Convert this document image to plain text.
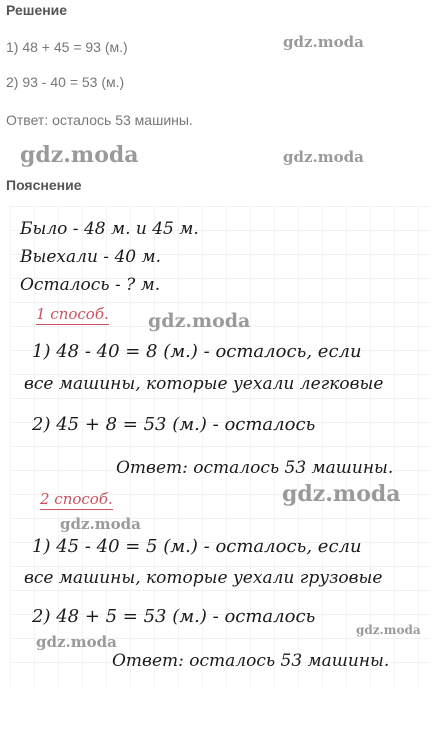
Решение
1) 48 + 45 = 93 (м.)
2) 93 - 40 = 53 (м.)
Ответ: осталось 53 машины.
gdz.moda
gdz.moda	gdz.moda
Пояснение
Было - 48 м. и 45 м.
Выехали - 40 м.
Осталось - ? м.
1 способ. gdz.moda
1) 48 - 40 = 8 (м.) - осталось, если
все машины, которые уехали легковые
2) 45 + 8 = 53 (м.) - осталось
Ответ: осталось 53 машины.
gdz.moda
2 способ.
gdz.moda
1) 45 - 40 = 5 (м.) - осталось, если
все машины, которые уехали грузовые
2) 48 + 5 = 53 (м.) - осталось
gdz.moda
gdz.moda
Ответ: осталось 53 машины.
